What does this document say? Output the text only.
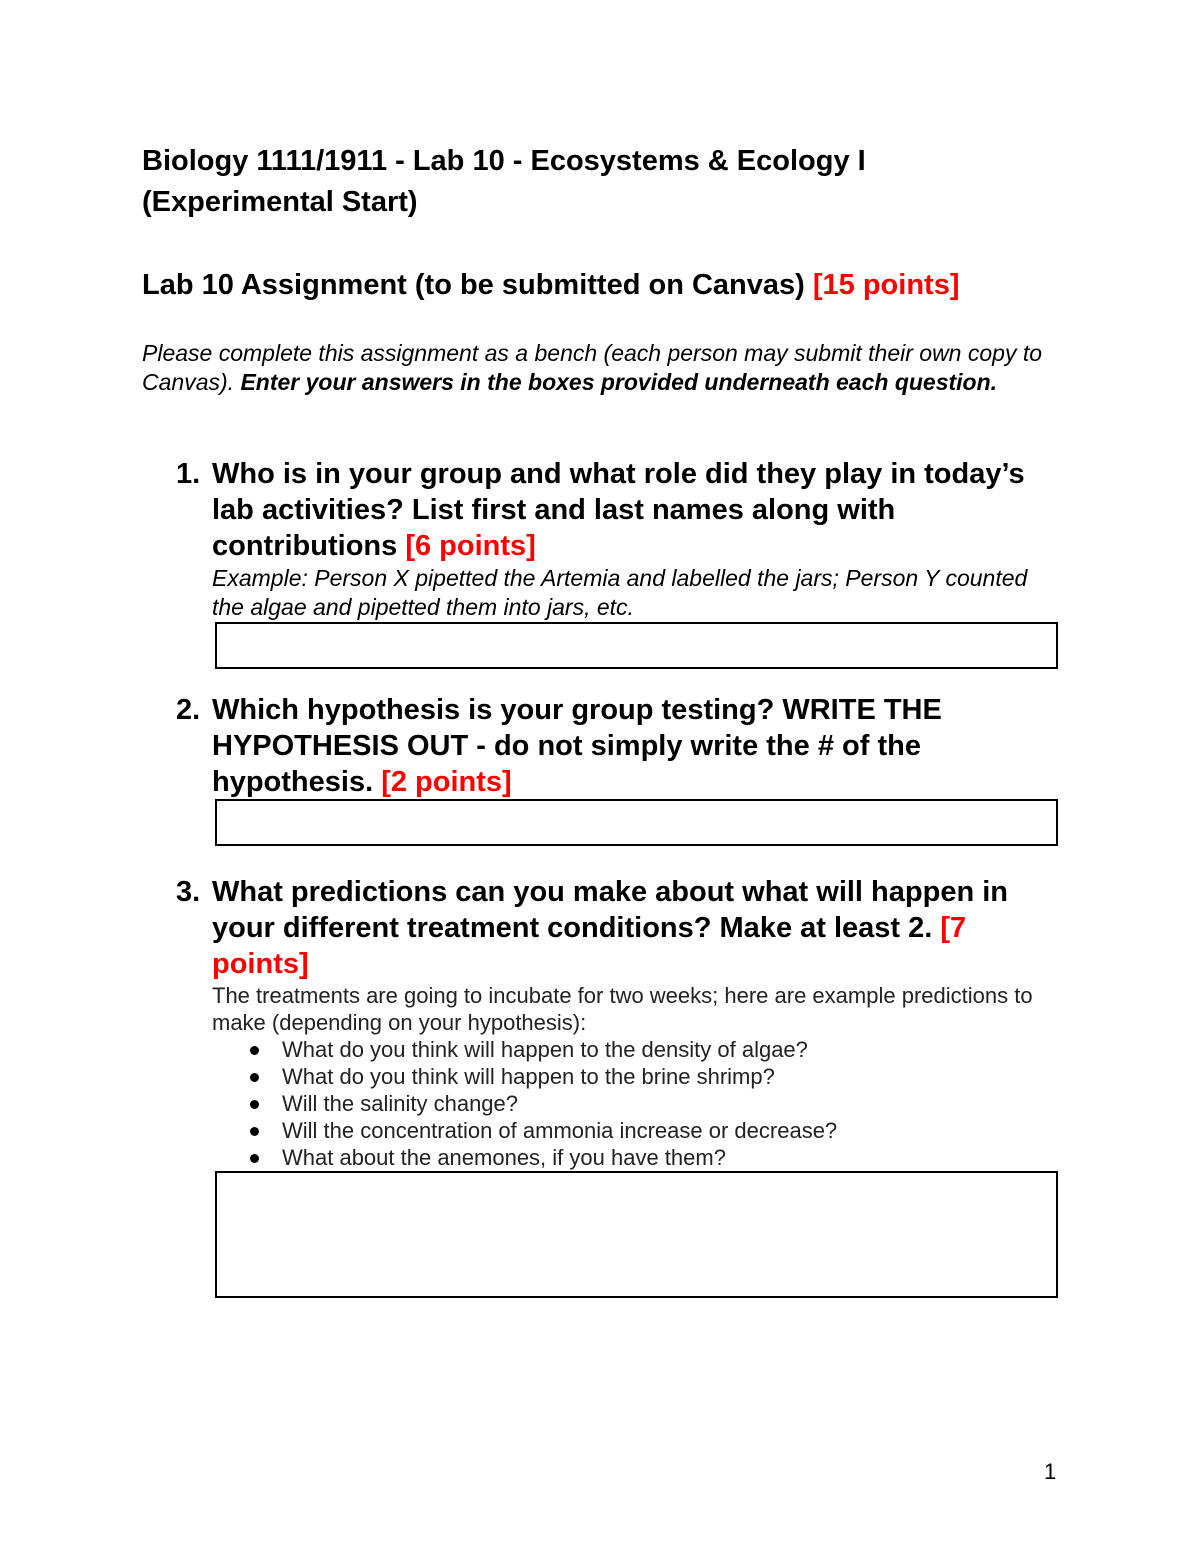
Biology 1111/1911 - Lab 10 - Ecosystems & Ecology I (Experimental Start)
Lab 10 Assignment (to be submitted on Canvas) [15 points]

Please complete this assignment as a bench (each person may submit their own copy to Canvas). Enter your answers in the boxes provided underneath each question.

1. Who is in your group and what role did they play in today’s lab activities? List first and last names along with contributions [6 points]
Example: Person X pipetted the Artemia and labelled the jars; Person Y counted the algae and pipetted them into jars, etc.
2. Which hypothesis is your group testing? WRITE THE HYPOTHESIS OUT - do not simply write the # of the hypothesis. [2 points]
3. What predictions can you make about what will happen in your different treatment conditions? Make at least 2. [7 points]
The treatments are going to incubate for two weeks; here are example predictions to make (depending on your hypothesis):
What do you think will happen to the density of algae?
What do you think will happen to the brine shrimp?
Will the salinity change?
Will the concentration of ammonia increase or decrease?
What about the anemones, if you have them?
1
